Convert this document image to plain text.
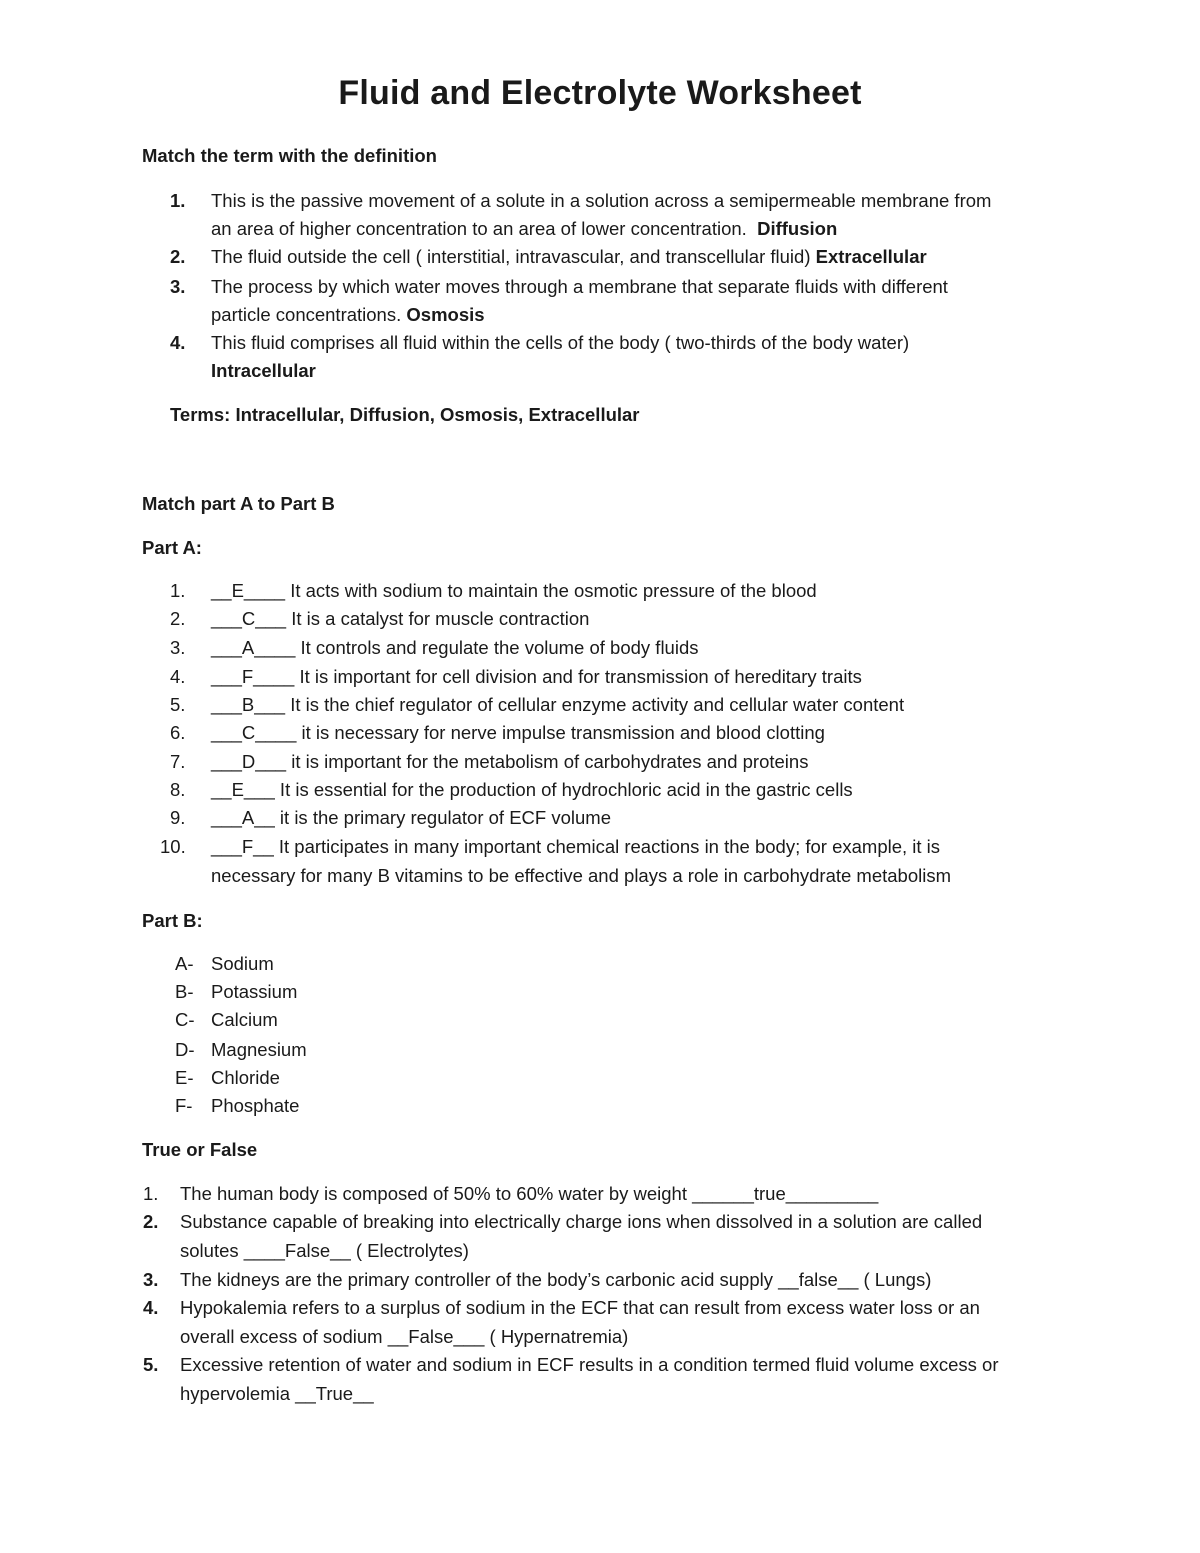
Fluid and Electrolyte Worksheet
Match the term with the definition
1. This is the passive movement of a solute in a solution across a semipermeable membrane from
an area of higher concentration to an area of lower concentration. Diffusion
2. The fluid outside the cell ( interstitial, intravascular, and transcellular fluid) Extracellular
3. The process by which water moves through a membrane that separate fluids with different
particle concentrations. Osmosis
4. This fluid comprises all fluid within the cells of the body ( two-thirds of the body water)
Intracellular
Terms: Intracellular, Diffusion, Osmosis, Extracellular
Match part A to Part B
Part A:
1. __E____ It acts with sodium to maintain the osmotic pressure of the blood
2. ___C___ It is a catalyst for muscle contraction
3. ___A____ It controls and regulate the volume of body fluids
4. ___F____ It is important for cell division and for transmission of hereditary traits
5. ___B___ It is the chief regulator of cellular enzyme activity and cellular water content
6. ___C____ it is necessary for nerve impulse transmission and blood clotting
7. ___D___ it is important for the metabolism of carbohydrates and proteins
8. __E___ It is essential for the production of hydrochloric acid in the gastric cells
9. ___A__ it is the primary regulator of ECF volume
10. ___F__ It participates in many important chemical reactions in the body; for example, it is
necessary for many B vitamins to be effective and plays a role in carbohydrate metabolism
Part B:
A- Sodium
B- Potassium
C- Calcium
D- Magnesium
E- Chloride
F- Phosphate
True or False
1. The human body is composed of 50% to 60% water by weight ______true_________
2. Substance capable of breaking into electrically charge ions when dissolved in a solution are called
solutes ____False__ ( Electrolytes)
3. The kidneys are the primary controller of the body’s carbonic acid supply __false__ ( Lungs)
4. Hypokalemia refers to a surplus of sodium in the ECF that can result from excess water loss or an
overall excess of sodium __False___ ( Hypernatremia)
5. Excessive retention of water and sodium in ECF results in a condition termed fluid volume excess or
hypervolemia __True__
